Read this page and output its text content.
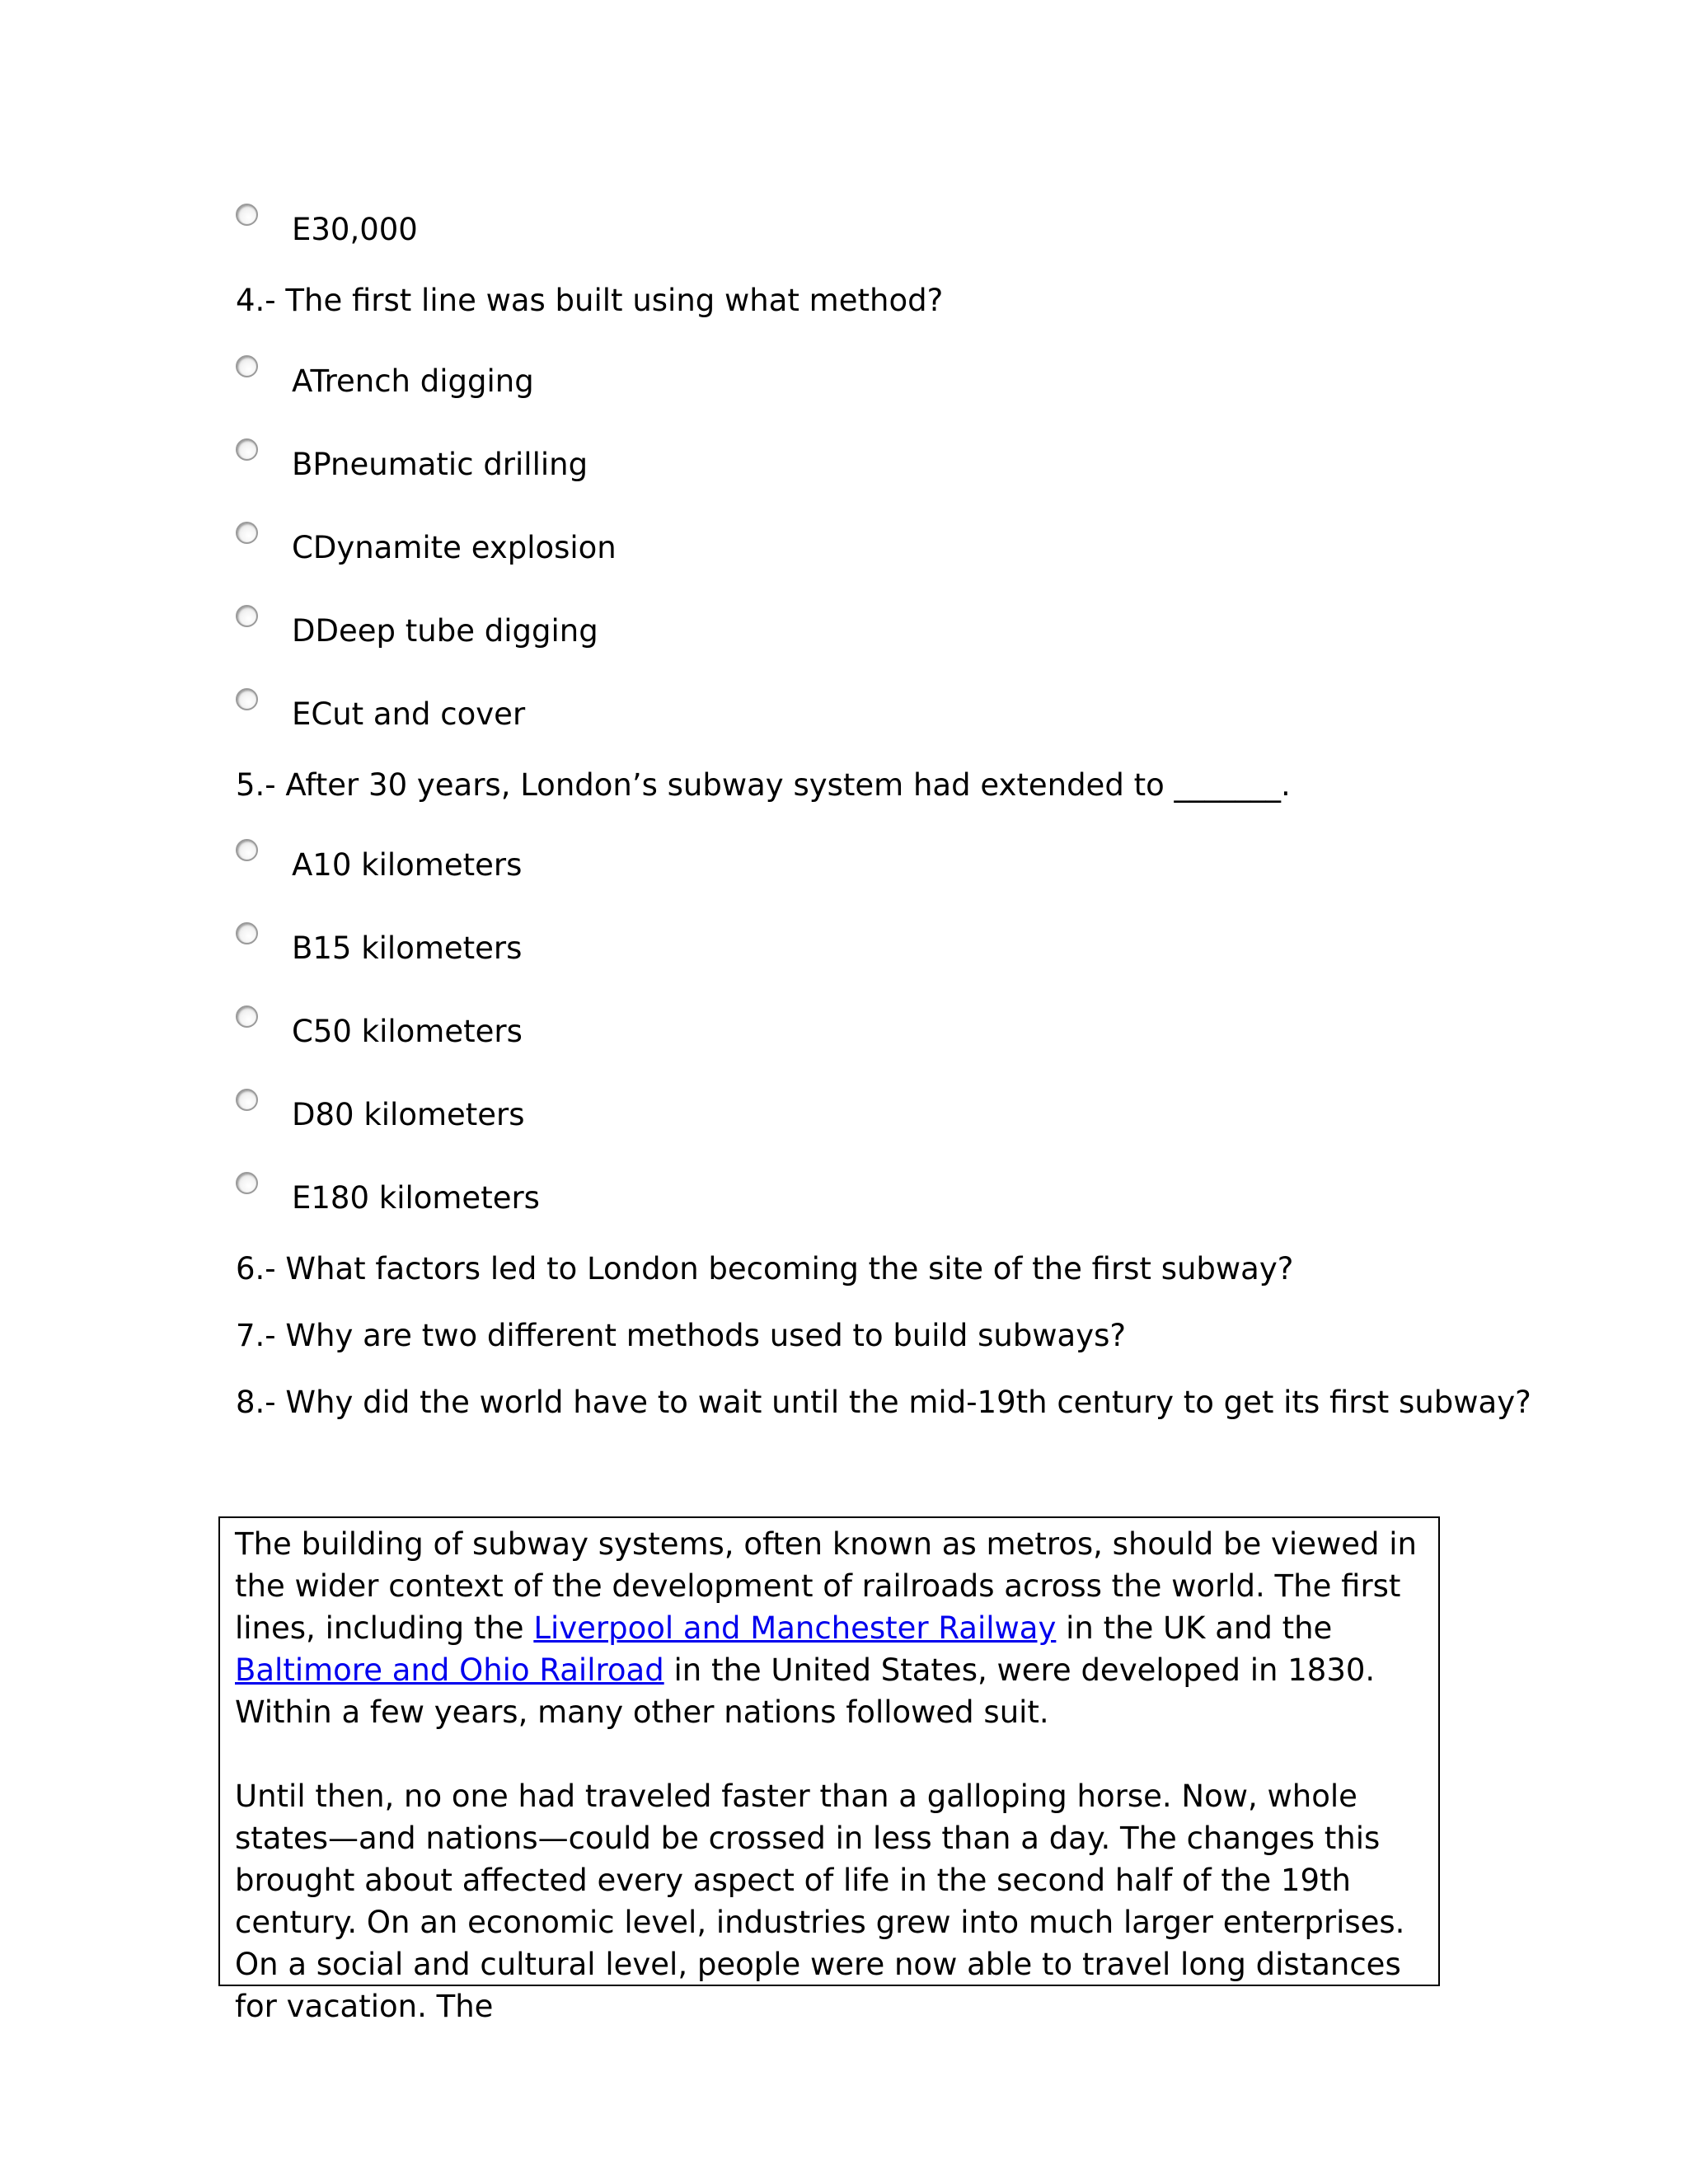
E30,000
4.- The first line was built using what method?
ATrench digging
BPneumatic drilling
CDynamite explosion
DDeep tube digging
ECut and cover
5.- After 30 years, London’s subway system had extended to _______.
A10 kilometers
B15 kilometers
C50 kilometers
D80 kilometers
E180 kilometers
6.- What factors led to London becoming the site of the first subway?
7.- Why are two different methods used to build subways?
8.- Why did the world have to wait until the mid-19th century to get its first subway?

The building of subway systems, often known as metros, should be viewed in the wider context of the development of railroads across the world. The first lines, including the Liverpool and Manchester Railway in the UK and the Baltimore and Ohio Railroad in the United States, were developed in 1830. Within a few years, many other nations followed suit.

Until then, no one had traveled faster than a galloping horse. Now, whole states—and nations—could be crossed in less than a day. The changes this brought about affected every aspect of life in the second half of the 19th century. On an economic level, industries grew into much larger enterprises. On a social and cultural level, people were now able to travel long distances for vacation. The
